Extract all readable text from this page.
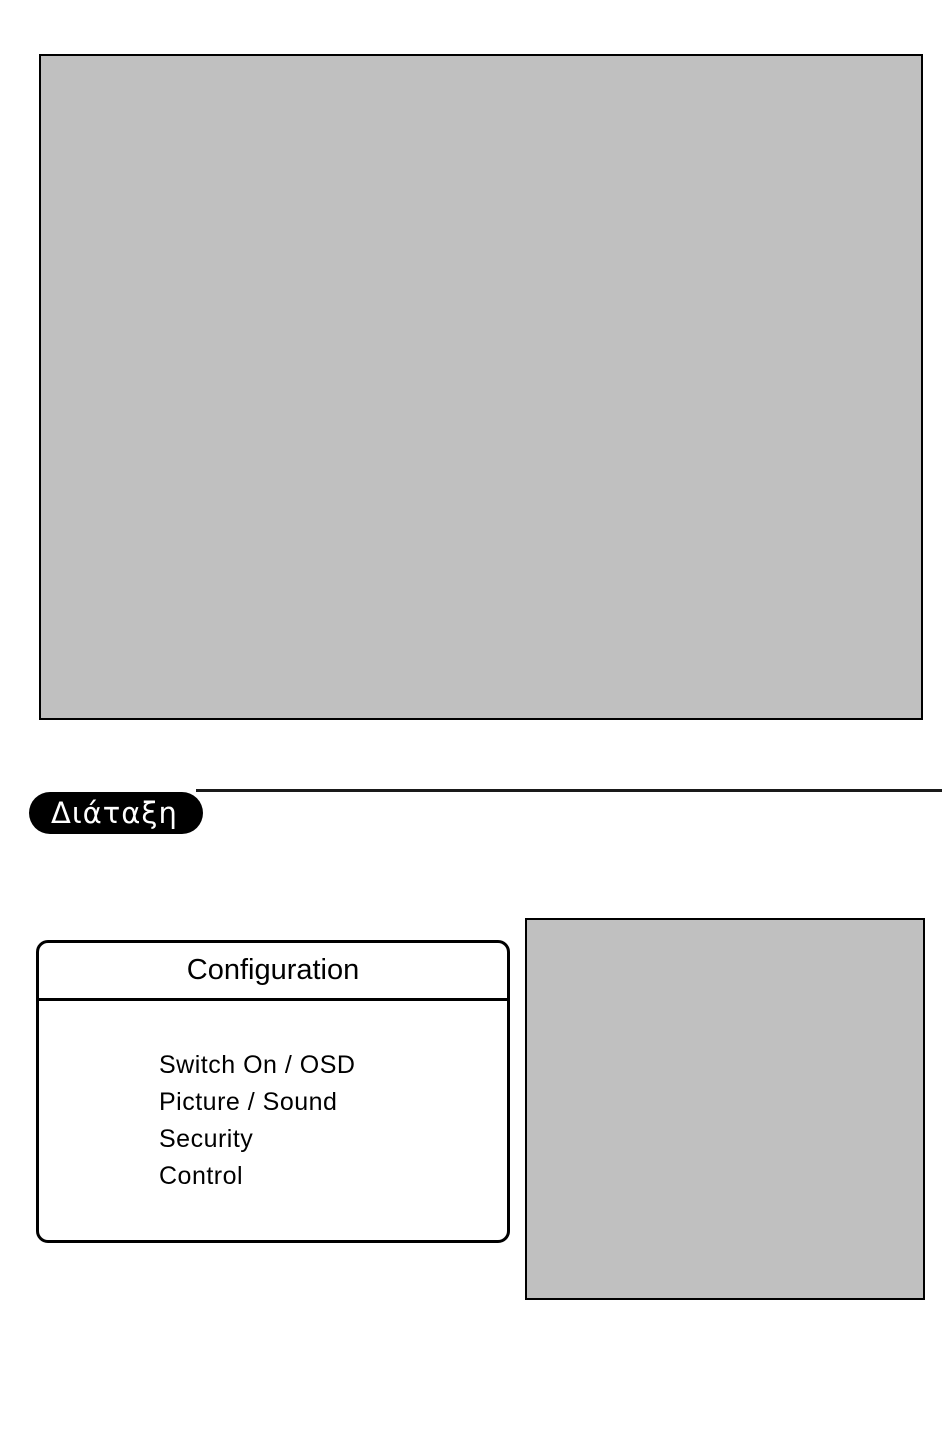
Διάταξη
Configuration
Switch On / OSD
Picture / Sound
Security
Control
